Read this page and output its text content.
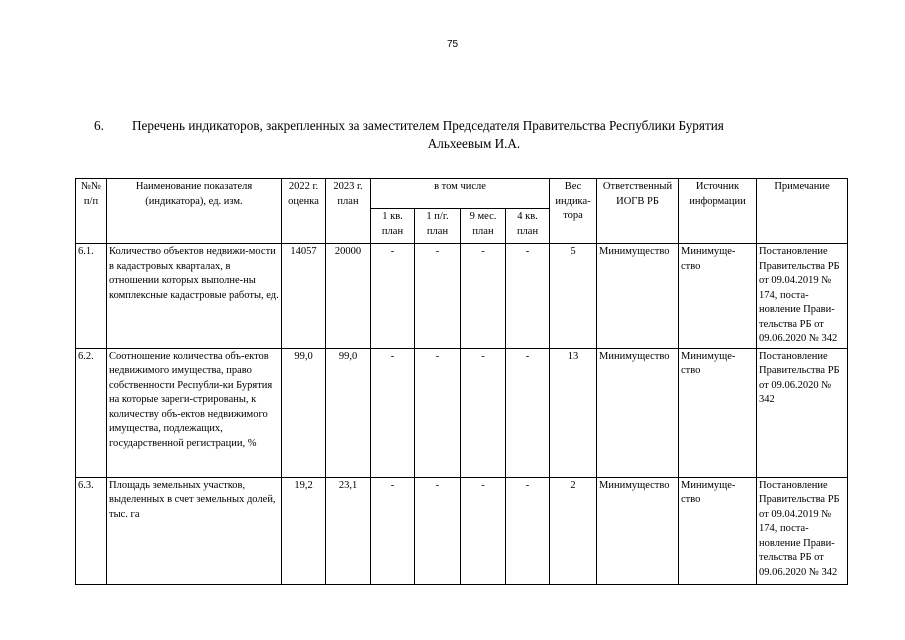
75
6. Перечень индикаторов, закрепленных за заместителем Председателя Правительства Республики Бурятия
Альхеевым И.А.
№№ п/п	Наименование показателя (индикатора), ед. изм.	2022 г. оценка	2023 г. план	в том числе				Вес индика-тора	Ответственный ИОГВ РБ	Источник информации	Примечание
				1 кв. план	1 п/г. план	9 мес. план	4 кв. план				
6.1.	Количество объектов недвижи-мости в кадастровых кварталах, в отношении которых выполне-ны комплексные кадастровые работы, ед.	14057	20000	-	-	-	-	5	Минимущество	Минимуще-ство	Постановление Правительства РБ от 09.04.2019 № 174, поста-новление Прави-тельства РБ от 09.06.2020 № 342
6.2.	Соотношение количества объ-ектов недвижимого имущества, право собственности Республи-ки Бурятия на которые зареги-стрированы, к количеству объ-ектов недвижимого имущества, подлежащих, государственной регистрации, %	99,0	99,0	-	-	-	-	13	Минимущество	Минимуще-ство	Постановление Правительства РБ от 09.06.2020 № 342
6.3.	Площадь земельных участков, выделенных в счет земельных долей, тыс. га	19,2	23,1	-	-	-	-	2	Минимущество	Минимуще-ство	Постановление Правительства РБ от 09.04.2019 № 174, поста-новление Прави-тельства РБ от 09.06.2020 № 342
